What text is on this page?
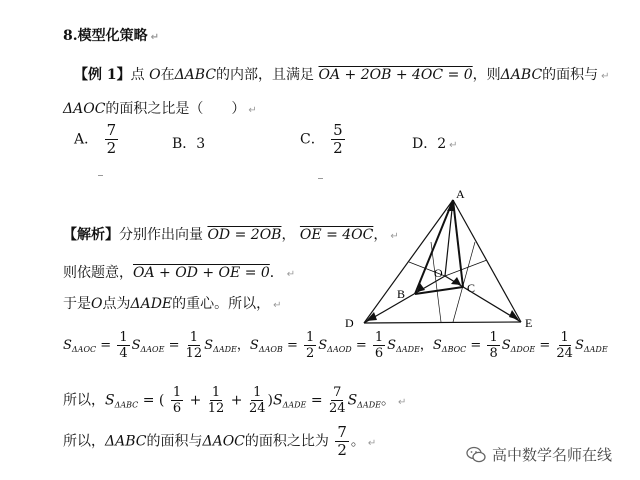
8.模型化策略 ↵
【例 1】点 O在ΔABC的内部，且满足 OA + 2OB + 4OC = 0，则ΔABC的面积与 ↵
ΔAOC的面积之比是（　　） ↵
A． $\frac{7}{2}$	B．3	C． $\frac{5}{2}$	D．2 ↵
【解析】分别作出向量 OD = 2OB， OE = 4OC， ↵
则依题意，OA + OD + OE = 0． ↵
于是O点为ΔADE的重心。所以， ↵
$S_{\Delta AOC} = \frac{1}{4} S_{\Delta AOE} = \frac{1}{12} S_{\Delta ADE}$，$S_{\Delta AOB} = \frac{1}{2} S_{\Delta AOD} = \frac{1}{6} S_{\Delta ADE}$，$S_{\Delta BOC} = \frac{1}{8} S_{\Delta DOE} = \frac{1}{24} S_{\Delta ADE}$
所以，$S_{\Delta ABC}$ = ( $\frac{1}{6} + \frac{1}{12} + \frac{1}{24} )S_{\Delta ADE} = \frac{7}{24} S_{\Delta ADE}$。 ↵
所以，ΔABC的面积与ΔAOC的面积之比为 $\frac{7}{2}$ 。 ↵
A
B	C
O
D	E
高中数学名师在线
